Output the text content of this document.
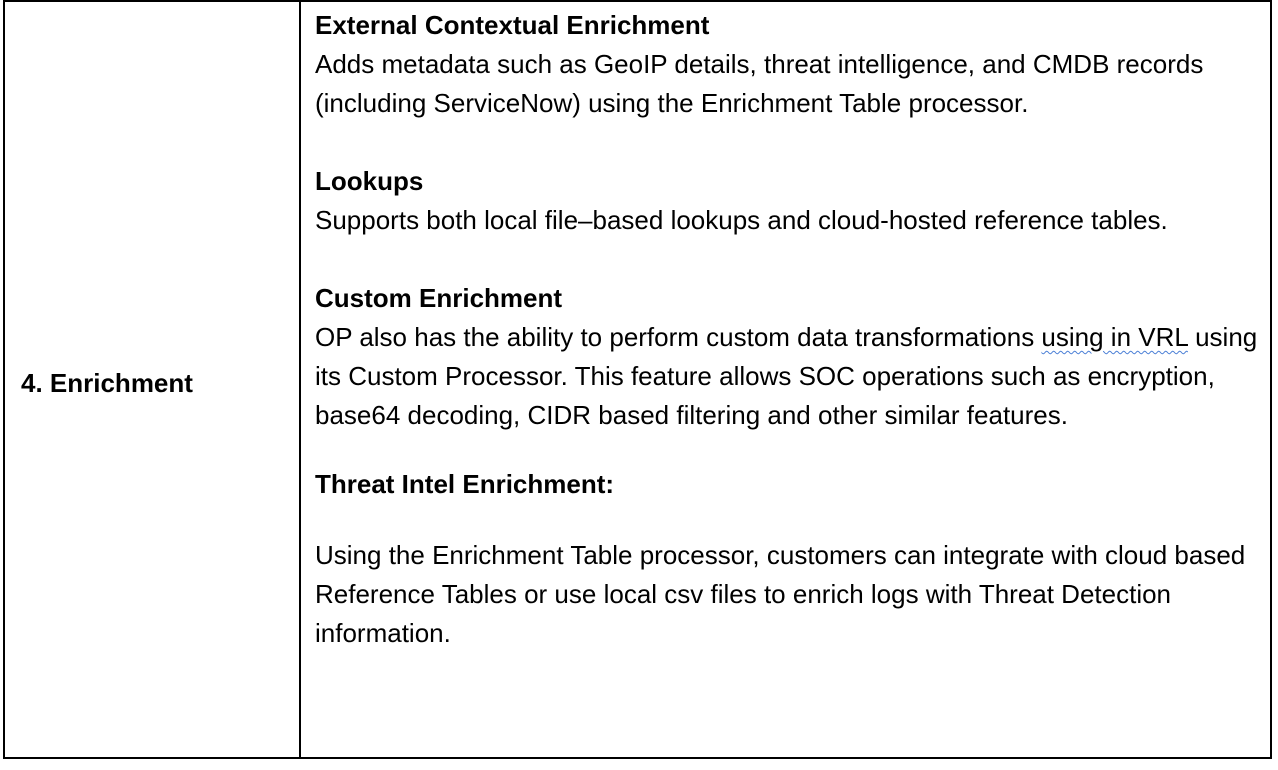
4. Enrichment

External Contextual Enrichment

Adds metadata such as GeoIP details, threat intelligence, and CMDB records (including ServiceNow) using the Enrichment Table processor.

Lookups

Supports both local file–based lookups and cloud-hosted reference tables.

Custom Enrichment

OP also has the ability to perform custom data transformations using in VRL using its Custom Processor. This feature allows SOC operations such as encryption, base64 decoding, CIDR based filtering and other similar features.

Threat Intel Enrichment:

Using the Enrichment Table processor, customers can integrate with cloud based Reference Tables or use local csv files to enrich logs with Threat Detection information.
